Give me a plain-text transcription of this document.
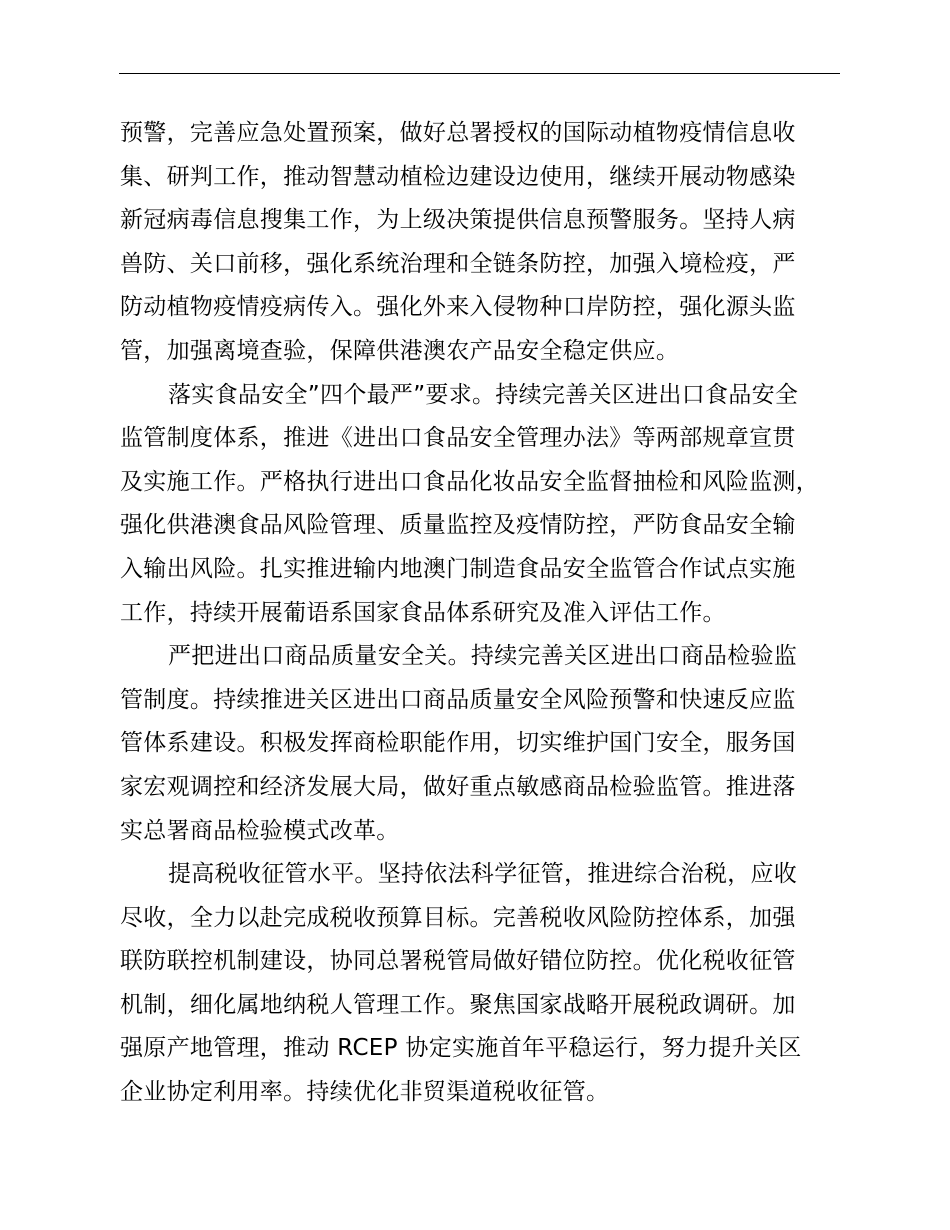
预警，完善应急处置预案，做好总署授权的国际动植物疫情信息收
集、研判工作，推动智慧动植检边建设边使用，继续开展动物感染
新冠病毒信息搜集工作，为上级决策提供信息预警服务。坚持人病
兽防、关口前移，强化系统治理和全链条防控，加强入境检疫，严
防动植物疫情疫病传入。强化外来入侵物种口岸防控，强化源头监
管，加强离境查验，保障供港澳农产品安全稳定供应。
落实食品安全”四个最严”要求。持续完善关区进出口食品安全
监管制度体系，推进《进出口食品安全管理办法》等两部规章宣贯
及实施工作。严格执行进出口食品化妆品安全监督抽检和风险监测，
强化供港澳食品风险管理、质量监控及疫情防控，严防食品安全输
入输出风险。扎实推进输内地澳门制造食品安全监管合作试点实施
工作，持续开展葡语系国家食品体系研究及准入评估工作。
严把进出口商品质量安全关。持续完善关区进出口商品检验监
管制度。持续推进关区进出口商品质量安全风险预警和快速反应监
管体系建设。积极发挥商检职能作用，切实维护国门安全，服务国
家宏观调控和经济发展大局，做好重点敏感商品检验监管。推进落
实总署商品检验模式改革。
提高税收征管水平。坚持依法科学征管，推进综合治税，应收
尽收，全力以赴完成税收预算目标。完善税收风险防控体系，加强
联防联控机制建设，协同总署税管局做好错位防控。优化税收征管
机制，细化属地纳税人管理工作。聚焦国家战略开展税政调研。加
强原产地管理，推动 RCEP 协定实施首年平稳运行，努力提升关区
企业协定利用率。持续优化非贸渠道税收征管。
